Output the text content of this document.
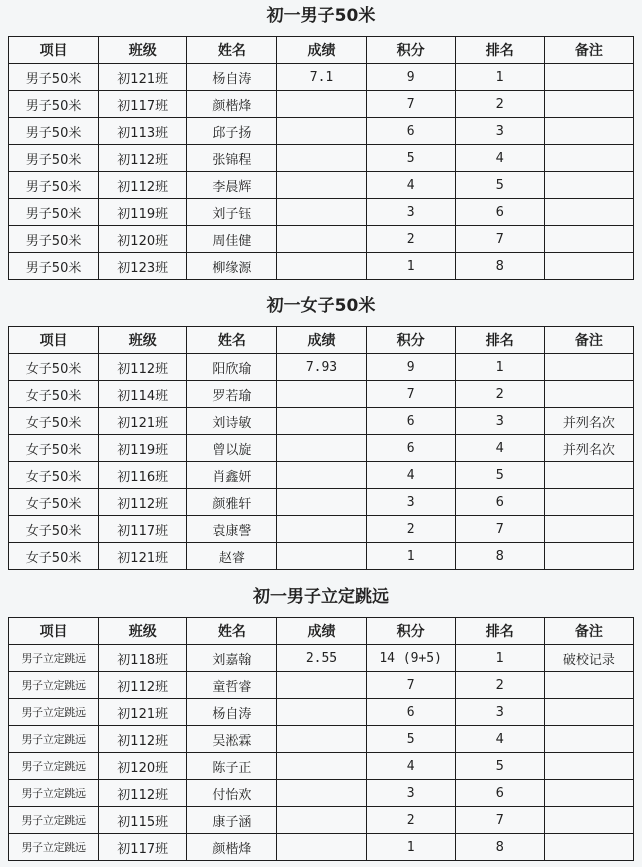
初一男子50米
项目	班级	姓名	成绩	积分	排名	备注
男子50米	初121班	杨自涛	7.1	9	1	
男子50米	初117班	颜楷烽		7	2	
男子50米	初113班	邱子扬		6	3	
男子50米	初112班	张锦程		5	4	
男子50米	初112班	李晨辉		4	5	
男子50米	初119班	刘子钰		3	6	
男子50米	初120班	周佳健		2	7	
男子50米	初123班	柳缘源		1	8	
初一女子50米
项目	班级	姓名	成绩	积分	排名	备注
女子50米	初112班	阳欣瑜	7.93	9	1	
女子50米	初114班	罗若瑜		7	2	
女子50米	初121班	刘诗敏		6	3	并列名次
女子50米	初119班	曾以旋		6	4	并列名次
女子50米	初116班	肖鑫妍		4	5	
女子50米	初112班	颜雅轩		3	6	
女子50米	初117班	袁康謦		2	7	
女子50米	初121班	赵睿		1	8	
初一男子立定跳远
项目	班级	姓名	成绩	积分	排名	备注
男子立定跳远	初118班	刘嘉翰	2.55	14 (9+5)	1	破校记录
男子立定跳远	初112班	童哲睿		7	2	
男子立定跳远	初121班	杨自涛		6	3	
男子立定跳远	初112班	吴淞霖		5	4	
男子立定跳远	初120班	陈子正		4	5	
男子立定跳远	初112班	付怡欢		3	6	
男子立定跳远	初115班	康子涵		2	7	
男子立定跳远	初117班	颜楷烽		1	8	
